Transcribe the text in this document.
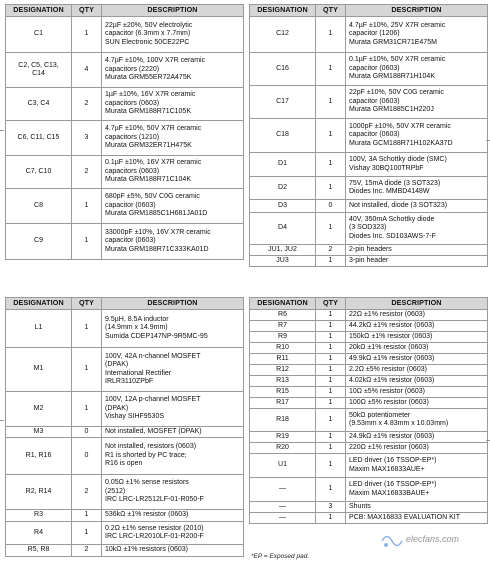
DESIGNATION	QTY	DESCRIPTION
C1	1	22µF ±20%, 50V electrolytic
capacitor (6.3mm x 7.7mm)
SUN Electronic 50CE22PC
C2, C5, C13,
C14	4	4.7µF ±10%, 100V X7R ceramic
capacitors (2220)
Murata GRM55ER72A475K
C3, C4	2	1µF ±10%, 16V X7R ceramic
capacitors (0603)
Murata GRM188R71C105K
C6, C11, C15	3	4.7µF ±10%, 50V X7R ceramic
capacitors (1210)
Murata GRM32ER71H475K
C7, C10	2	0.1µF ±10%, 16V X7R ceramic
capacitors (0603)
Murata GRM188R71C104K
C8	1	680pF ±5%, 50V C0G ceramic
capacitor (0603)
Murata GRM1885C1H681JA01D
C9	1	33000pF ±10%, 16V X7R ceramic
capacitor (0603)
Murata GRM188R71C333KA01D
DESIGNATION	QTY	DESCRIPTION
C12	1	4.7µF ±10%, 25V X7R ceramic
capacitor (1206)
Murata GRM31CR71E475M
C16	1	0.1µF ±10%, 50V X7R ceramic
capacitor (0603)
Murata GRM188R71H104K
C17	1	22pF ±10%, 50V C0G ceramic
capacitor (0603)
Murata GRM1885C1H220J
C18	1	1000pF ±10%, 50V X7R ceramic
capacitor (0603)
Murata GCM188R71H102KA37D
D1	1	100V, 3A Schottky diode (SMC)
Vishay 30BQ100TRPbF
D2	1	75V, 15mA diode (3 SOT323)
Diodes Inc. MMBD4148W
D3	0	Not installed, diode (3 SOT323)
D4	1	40V, 350mA Schottky diode
(3 SOD323)
Diodes Inc. SD103AWS-7-F
JU1, JU2	2	2-pin headers
JU3	1	3-pin header
DESIGNATION	QTY	DESCRIPTION
L1	1	9.5µH, 8.5A inductor
(14.9mm x 14.9mm)
Sumida CDEP147NP-9R5MC-95
M1	1	100V, 42A n-channel MOSFET
(DPAK)
International Rectifier
IRLR3110ZPbF
M2	1	100V, 12A p-channel MOSFET
(DPAK)
Vishay SIHF9530S
M3	0	Not installed, MOSFET (DPAK)
R1, R16	0	Not installed, resistors (0603)
R1 is shorted by PC trace;
R16 is open
R2, R14	2	0.05Ω ±1% sense resistors
(2512)
IRC LRC-LR2512LF-01-R050-F
R3	1	536kΩ ±1% resistor (0603)
R4	1	0.2Ω ±1% sense resistor (2010)
IRC LRC-LR2010LF-01-R200-F
R5, R8	2	10kΩ ±1% resistors (0603)
DESIGNATION	QTY	DESCRIPTION
R6	1	22Ω ±1% resistor (0603)
R7	1	44.2kΩ ±1% resistor (0603)
R9	1	150kΩ ±1% resistor (0603)
R10	1	20kΩ ±1% resistor (0603)
R11	1	49.9kΩ ±1% resistor (0603)
R12	1	2.2Ω ±5% resistor (0603)
R13	1	4.02kΩ ±1% resistor (0603)
R15	1	10Ω ±5% resistor (0603)
R17	1	100Ω ±5% resistor (0603)
R18	1	50kΩ potentiometer
(9.53mm x 4.83mm x 10.03mm)
R19	1	24.9kΩ ±1% resistor (0603)
R20	1	220Ω ±1% resistor (0603)
U1	1	LED driver (16 TSSOP-EP*)
Maxim MAX16833AUE+
—	1	LED driver (16 TSSOP-EP*)
Maxim MAX16833BAUE+
—	3	Shunts
—	1	PCB: MAX16833 EVALUATION KIT
*EP = Exposed pad.
elecfans.com
